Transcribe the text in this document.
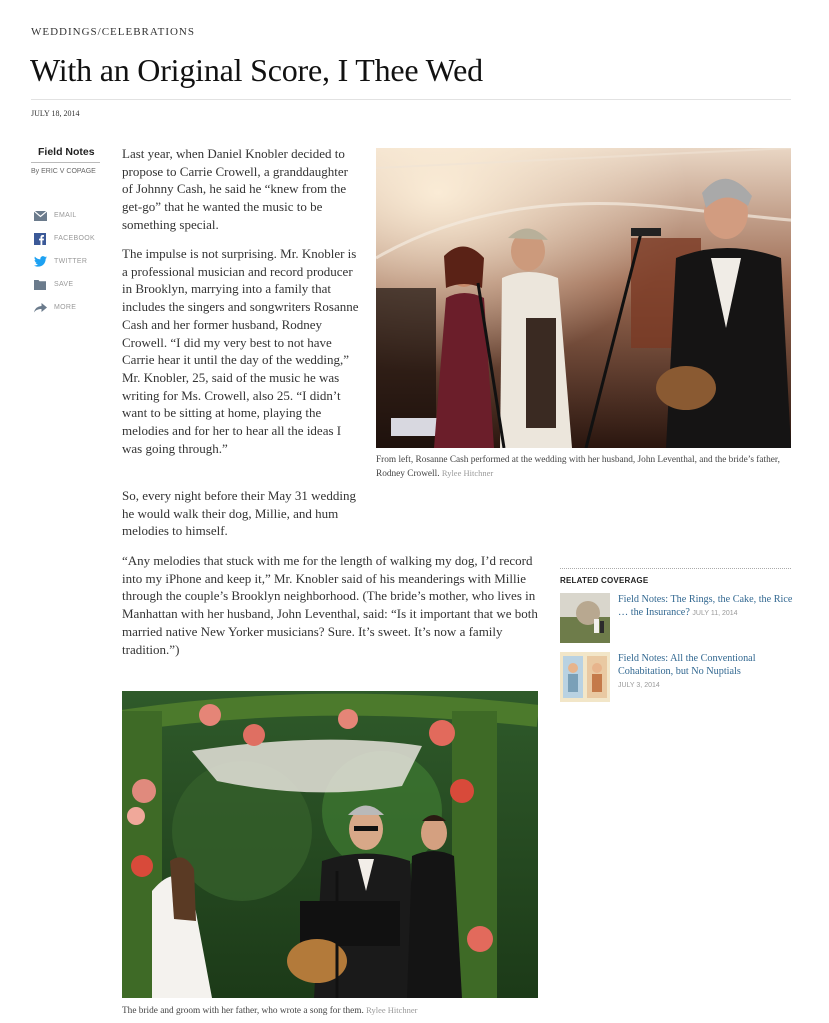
WEDDINGS/CELEBRATIONS
With an Original Score, I Thee Wed
JULY 18, 2014
Field Notes
By ERIC V COPAGE
EMAIL
FACEBOOK
TWITTER
SAVE
MORE

Last year, when Daniel Knobler decided to propose to Carrie Crowell, a granddaughter of Johnny Cash, he said he “knew from the get-go” that he wanted the music to be something special.

The impulse is not surprising. Mr. Knobler is a professional musician and record producer in Brooklyn, marrying into a family that includes the singers and songwriters Rosanne Cash and her former husband, Rodney Crowell. “I did my very best to not have Carrie hear it until the day of the wedding,” Mr. Knobler, 25, said of the music he was writing for Ms. Crowell, also 25. “I didn’t want to be sitting at home, playing the melodies and for her to hear all the ideas I was going through.”

So, every night before their May 31 wedding he would walk their dog, Millie, and hum melodies to himself.

“Any melodies that stuck with me for the length of walking my dog, I’d record into my iPhone and keep it,” Mr. Knobler said of his meanderings with Millie through the couple’s Brooklyn neighborhood. (The bride’s mother, who lives in Manhattan with her husband, John Leventhal, said: “Is it important that we both married native New Yorker musicians? Sure. It’s sweet. It’s now a family tradition.”)

From left, Rosanne Cash performed at the wedding with her husband, John Leventhal, and the bride’s father, Rodney Crowell. Rylee Hitchner
The bride and groom with her father, who wrote a song for them. Rylee Hitchner
RELATED COVERAGE
Field Notes: The Rings, the Cake, the Rice … the Insurance? JULY 11, 2014
Field Notes: All the Conventional Cohabitation, but No Nuptials
JULY 3, 2014
